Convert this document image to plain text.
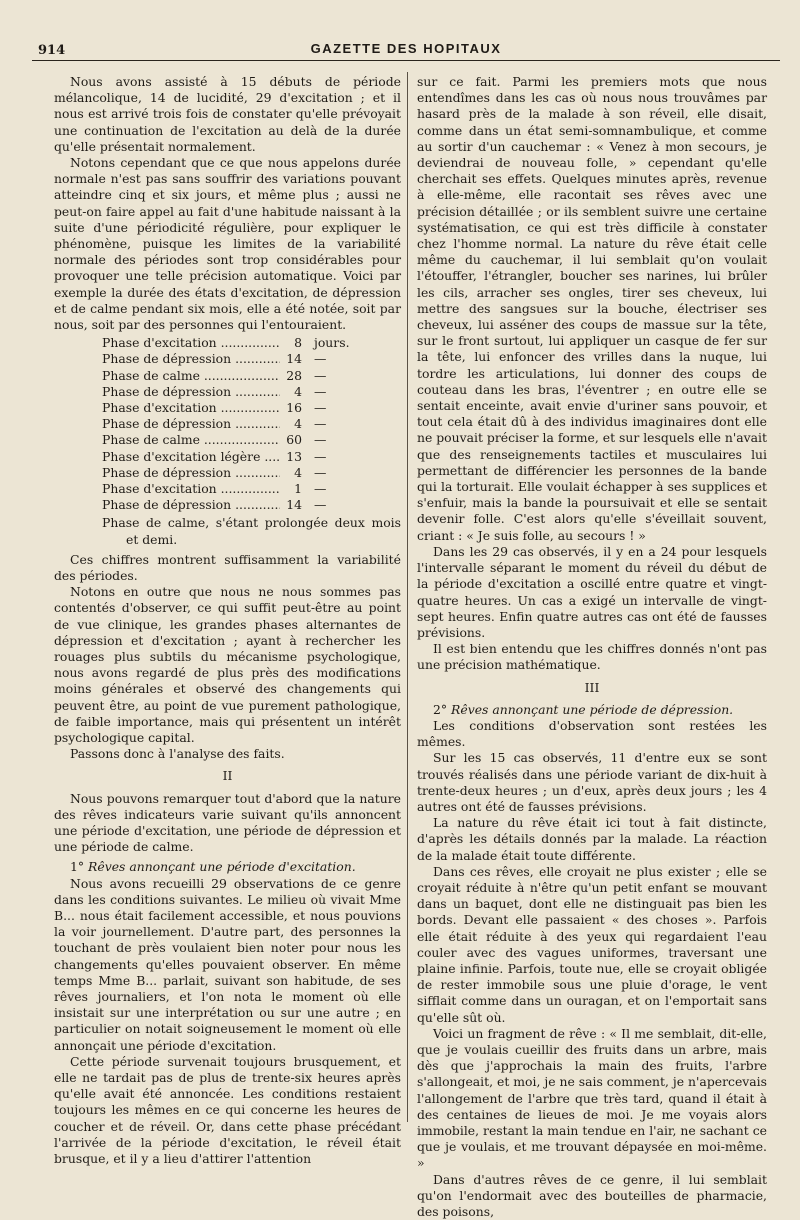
914	GAZETTE DES HOPITAUX

Nous avons assisté à 15 débuts de période mélancolique, 14 de lucidité, 29 d'excitation ; et il nous est arrivé trois fois de constater qu'elle prévoyait une continuation de l'excitation au delà de la durée qu'elle présentait normalement.

Notons cependant que ce que nous appelons durée normale n'est pas sans souffrir des variations pouvant atteindre cinq et six jours, et même plus ; aussi ne peut-on faire appel au fait d'une habitude naissant à la suite d'une périodicité régulière, pour expliquer le phénomène, puisque les limites de la variabilité normale des périodes sont trop considérables pour provoquer une telle précision automatique. Voici par exemple la durée des états d'excitation, de dépression et de calme pendant six mois, elle a été notée, soit par nous, soit par des personnes qui l'entouraient.

Phase d'excitation .....	8 jours.
Phase de dépression .....	14 —
Phase de calme .....	28 —
Phase de dépression .....	4 —
Phase d'excitation .....	16 —
Phase de dépression .....	4 —
Phase de calme .....	60 —
Phase d'excitation légère .....	13 —
Phase de dépression .....	4 —
Phase d'excitation .....	1 —
Phase de dépression .....	14 —

Phase de calme, s'étant prolongée deux mois et demi.

Ces chiffres montrent suffisamment la variabilité des périodes.

Notons en outre que nous ne nous sommes pas contentés d'observer, ce qui suffit peut-être au point de vue clinique, les grandes phases alternantes de dépression et d'excitation ; ayant à rechercher les rouages plus subtils du mécanisme psychologique, nous avons regardé de plus près des modifications moins générales et observé des changements qui peuvent être, au point de vue purement pathologique, de faible importance, mais qui présentent un intérêt psychologique capital.

Passons donc à l'analyse des faits.

II

Nous pouvons remarquer tout d'abord que la nature des rêves indicateurs varie suivant qu'ils annoncent une période d'excitation, une période de dépression et une période de calme.

1° Rêves annonçant une période d'excitation.

Nous avons recueilli 29 observations de ce genre dans les conditions suivantes. Le milieu où vivait Mme B... nous était facilement accessible, et nous pouvions la voir journellement. D'autre part, des personnes la touchant de près voulaient bien noter pour nous les changements qu'elles pouvaient observer. En même temps Mme B... parlait, suivant son habitude, de ses rêves journaliers, et l'on nota le moment où elle insistait sur une interprétation ou sur une autre ; en particulier on notait soigneusement le moment où elle annonçait une période d'excitation.

Cette période survenait toujours brusquement, et elle ne tardait pas de plus de trente-six heures après qu'elle avait été annoncée. Les conditions restaient toujours les mêmes en ce qui concerne les heures de coucher et de réveil. Or, dans cette phase précédant l'arrivée de la période d'excitation, le réveil était brusque, et il y a lieu d'attirer l'attention

sur ce fait. Parmi les premiers mots que nous entendîmes dans les cas où nous nous trouvâmes par hasard près de la malade à son réveil, elle disait, comme dans un état semi-somnambulique, et comme au sortir d'un cauchemar : « Venez à mon secours, je deviendrai de nouveau folle, » cependant qu'elle cherchait ses effets. Quelques minutes après, revenue à elle-même, elle racontait ses rêves avec une précision détaillée ; or ils semblent suivre une certaine systématisation, ce qui est très difficile à constater chez l'homme normal. La nature du rêve était celle même du cauchemar, il lui semblait qu'on voulait l'étouffer, l'étrangler, boucher ses narines, lui brûler les cils, arracher ses ongles, tirer ses cheveux, lui mettre des sangsues sur la bouche, électriser ses cheveux, lui asséner des coups de massue sur la tête, sur le front surtout, lui appliquer un casque de fer sur la tête, lui enfoncer des vrilles dans la nuque, lui tordre les articulations, lui donner des coups de couteau dans les bras, l'éventrer ; en outre elle se sentait enceinte, avait envie d'uriner sans pouvoir, et tout cela était dû à des individus imaginaires dont elle ne pouvait préciser la forme, et sur lesquels elle n'avait que des renseignements tactiles et musculaires lui permettant de différencier les personnes de la bande qui la torturait. Elle voulait échapper à ses supplices et s'enfuir, mais la bande la poursuivait et elle se sentait devenir folle. C'est alors qu'elle s'éveillait souvent, criant : « Je suis folle, au secours ! »

Dans les 29 cas observés, il y en a 24 pour lesquels l'intervalle séparant le moment du réveil du début de la période d'excitation a oscillé entre quatre et vingt-quatre heures. Un cas a exigé un intervalle de vingt-sept heures. Enfin quatre autres cas ont été de fausses prévisions.

Il est bien entendu que les chiffres donnés n'ont pas une précision mathématique.

III

2° Rêves annonçant une période de dépression.

Les conditions d'observation sont restées les mêmes.

Sur les 15 cas observés, 11 d'entre eux se sont trouvés réalisés dans une période variant de dix-huit à trente-deux heures ; un d'eux, après deux jours ; les 4 autres ont été de fausses prévisions.

La nature du rêve était ici tout à fait distincte, d'après les détails donnés par la malade. La réaction de la malade était toute différente.

Dans ces rêves, elle croyait ne plus exister ; elle se croyait réduite à n'être qu'un petit enfant se mouvant dans un baquet, dont elle ne distinguait pas bien les bords. Devant elle passaient « des choses ». Parfois elle était réduite à des yeux qui regardaient l'eau couler avec des vagues uniformes, traversant une plaine infinie. Parfois, toute nue, elle se croyait obligée de rester immobile sous une pluie d'orage, le vent sifflait comme dans un ouragan, et on l'emportait sans qu'elle sût où.

Voici un fragment de rêve : « Il me semblait, dit-elle, que je voulais cueillir des fruits dans un arbre, mais dès que j'approchais la main des fruits, l'arbre s'allongeait, et moi, je ne sais comment, je n'apercevais l'allongement de l'arbre que très tard, quand il était à des centaines de lieues de moi. Je me voyais alors immobile, restant la main tendue en l'air, ne sachant ce que je voulais, et me trouvant dépaysée en moi-même. »

Dans d'autres rêves de ce genre, il lui semblait qu'on l'endormait avec des bouteilles de pharmacie, des poisons,
